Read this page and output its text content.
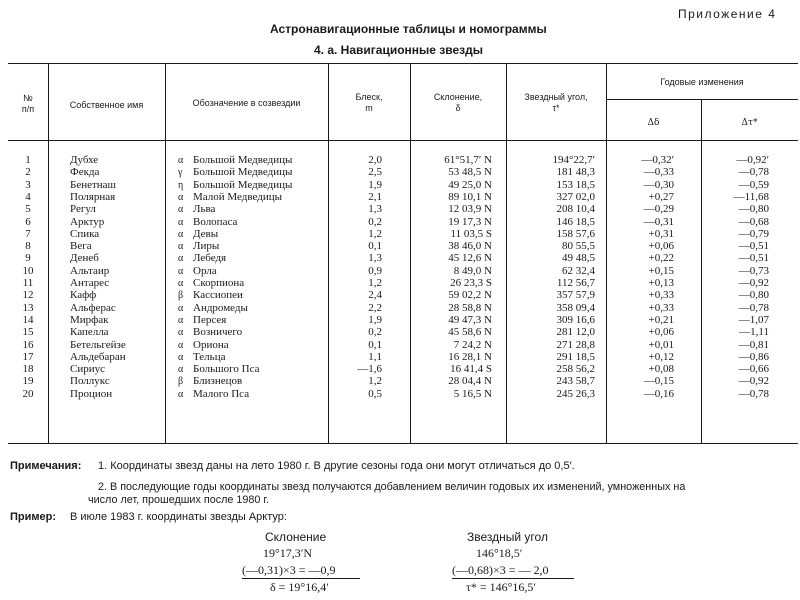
Приложение 4
Астронавигационные таблицы и номограммы
4. a. Навигационные звезды
№
п/п	Собственное имя	Обозначение в созвездии
Блеск,
m
Склонение,
δ
Звездный угол,
τ*
Годовые изменения
Δδ	Δτ*
1	Дубхе	α Большой Медведицы	2,0	61°51,7′ N	194°22,7′	—0,32′	—0,92′
2	Фекда	γ Большой Медведицы	2,5	53 48,5 N	181 48,3	—0,33	—0,78
3	Бенетнаш	η Большой Медведицы	1,9	49 25,0 N	153 18,5	—0,30	—0,59
4	Полярная	α Малой Медведицы	2,1	89 10,1 N	327 02,0	+0,27	—11,68
5	Регул	α Льва	1,3	12 03,9 N	208 10,4	—0,29	—0,80
6	Арктур	α Волопаса	0,2	19 17,3 N	146 18,5	—0,31	—0,68
7	Спика	α Девы	1,2	11 03,5 S	158 57,6	+0,31	—0,79
8	Вега	α Лиры	0,1	38 46,0 N	80 55,5	+0,06	—0,51
9	Денеб	α Лебедя	1,3	45 12,6 N	49 48,5	+0,22	—0,51
10	Альтаир	α Орла	0,9	8 49,0 N	62 32,4	+0,15	—0,73
11	Антарес	α Скорпиона	1,2	26 23,3 S	112 56,7	+0,13	—0,92
12	Кафф	β Кассиопеи	2,4	59 02,2 N	357 57,9	+0,33	—0,80
13	Альферас	α Андромеды	2,2	28 58,8 N	358 09,4	+0,33	—0,78
14	Мирфак	α Персея	1,9	49 47,3 N	309 16,6	+0,21	—1,07
15	Капелла	α Возничего	0,2	45 58,6 N	281 12,0	+0,06	—1,11
16	Бетельгейзе	α Ориона	0,1	7 24,2 N	271 28,8	+0,01	—0,81
17	Альдебаран	α Тельца	1,1	16 28,1 N	291 18,5	+0,12	—0,86
18	Сириус	α Большого Пса	—1,6	16 41,4 S	258 56,2	+0,08	—0,66
19	Поллукс	β Близнецов	1,2	28 04,4 N	243 58,7	—0,15	—0,92
20	Процион	α Малого Пса	0,5	5 16,5 N	245 26,3	—0,16	—0,78
Примечания: 1. Координаты звезд даны на лето 1980 г. В другие сезоны года они могут отличаться до 0,5′.
2. В последующие годы координаты звезд получаются добавлением величин годовых их изменений, умноженных на
число лет, прошедших после 1980 г.
Пример: В июле 1983 г. координаты звезды Арктур:
Склонение
19°17,3′N
(—0,31)×3 = —0,9
δ = 19°16,4′
Звездный угол
146°18,5′
(—0,68)×3 = — 2,0
τ* = 146°16,5′
